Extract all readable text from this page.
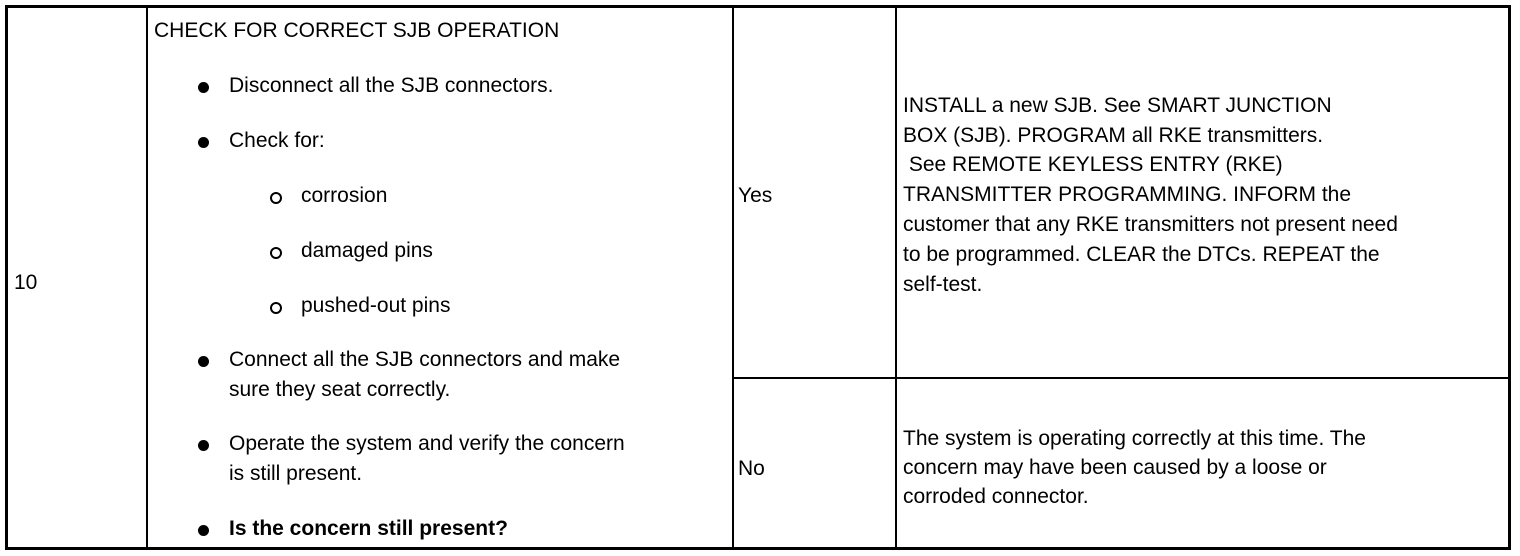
10
CHECK FOR CORRECT SJB OPERATION
Disconnect all the SJB connectors.
Check for:
corrosion
damaged pins
pushed-out pins
Connect all the SJB connectors and make
sure they seat correctly.
Operate the system and verify the concern
is still present.
Is the concern still present?
Yes
No
INSTALL a new SJB. See SMART JUNCTION
BOX (SJB). PROGRAM all RKE transmitters.
See REMOTE KEYLESS ENTRY (RKE)
TRANSMITTER PROGRAMMING. INFORM the
customer that any RKE transmitters not present need
to be programmed. CLEAR the DTCs. REPEAT the
self-test.
The system is operating correctly at this time. The
concern may have been caused by a loose or
corroded connector.
